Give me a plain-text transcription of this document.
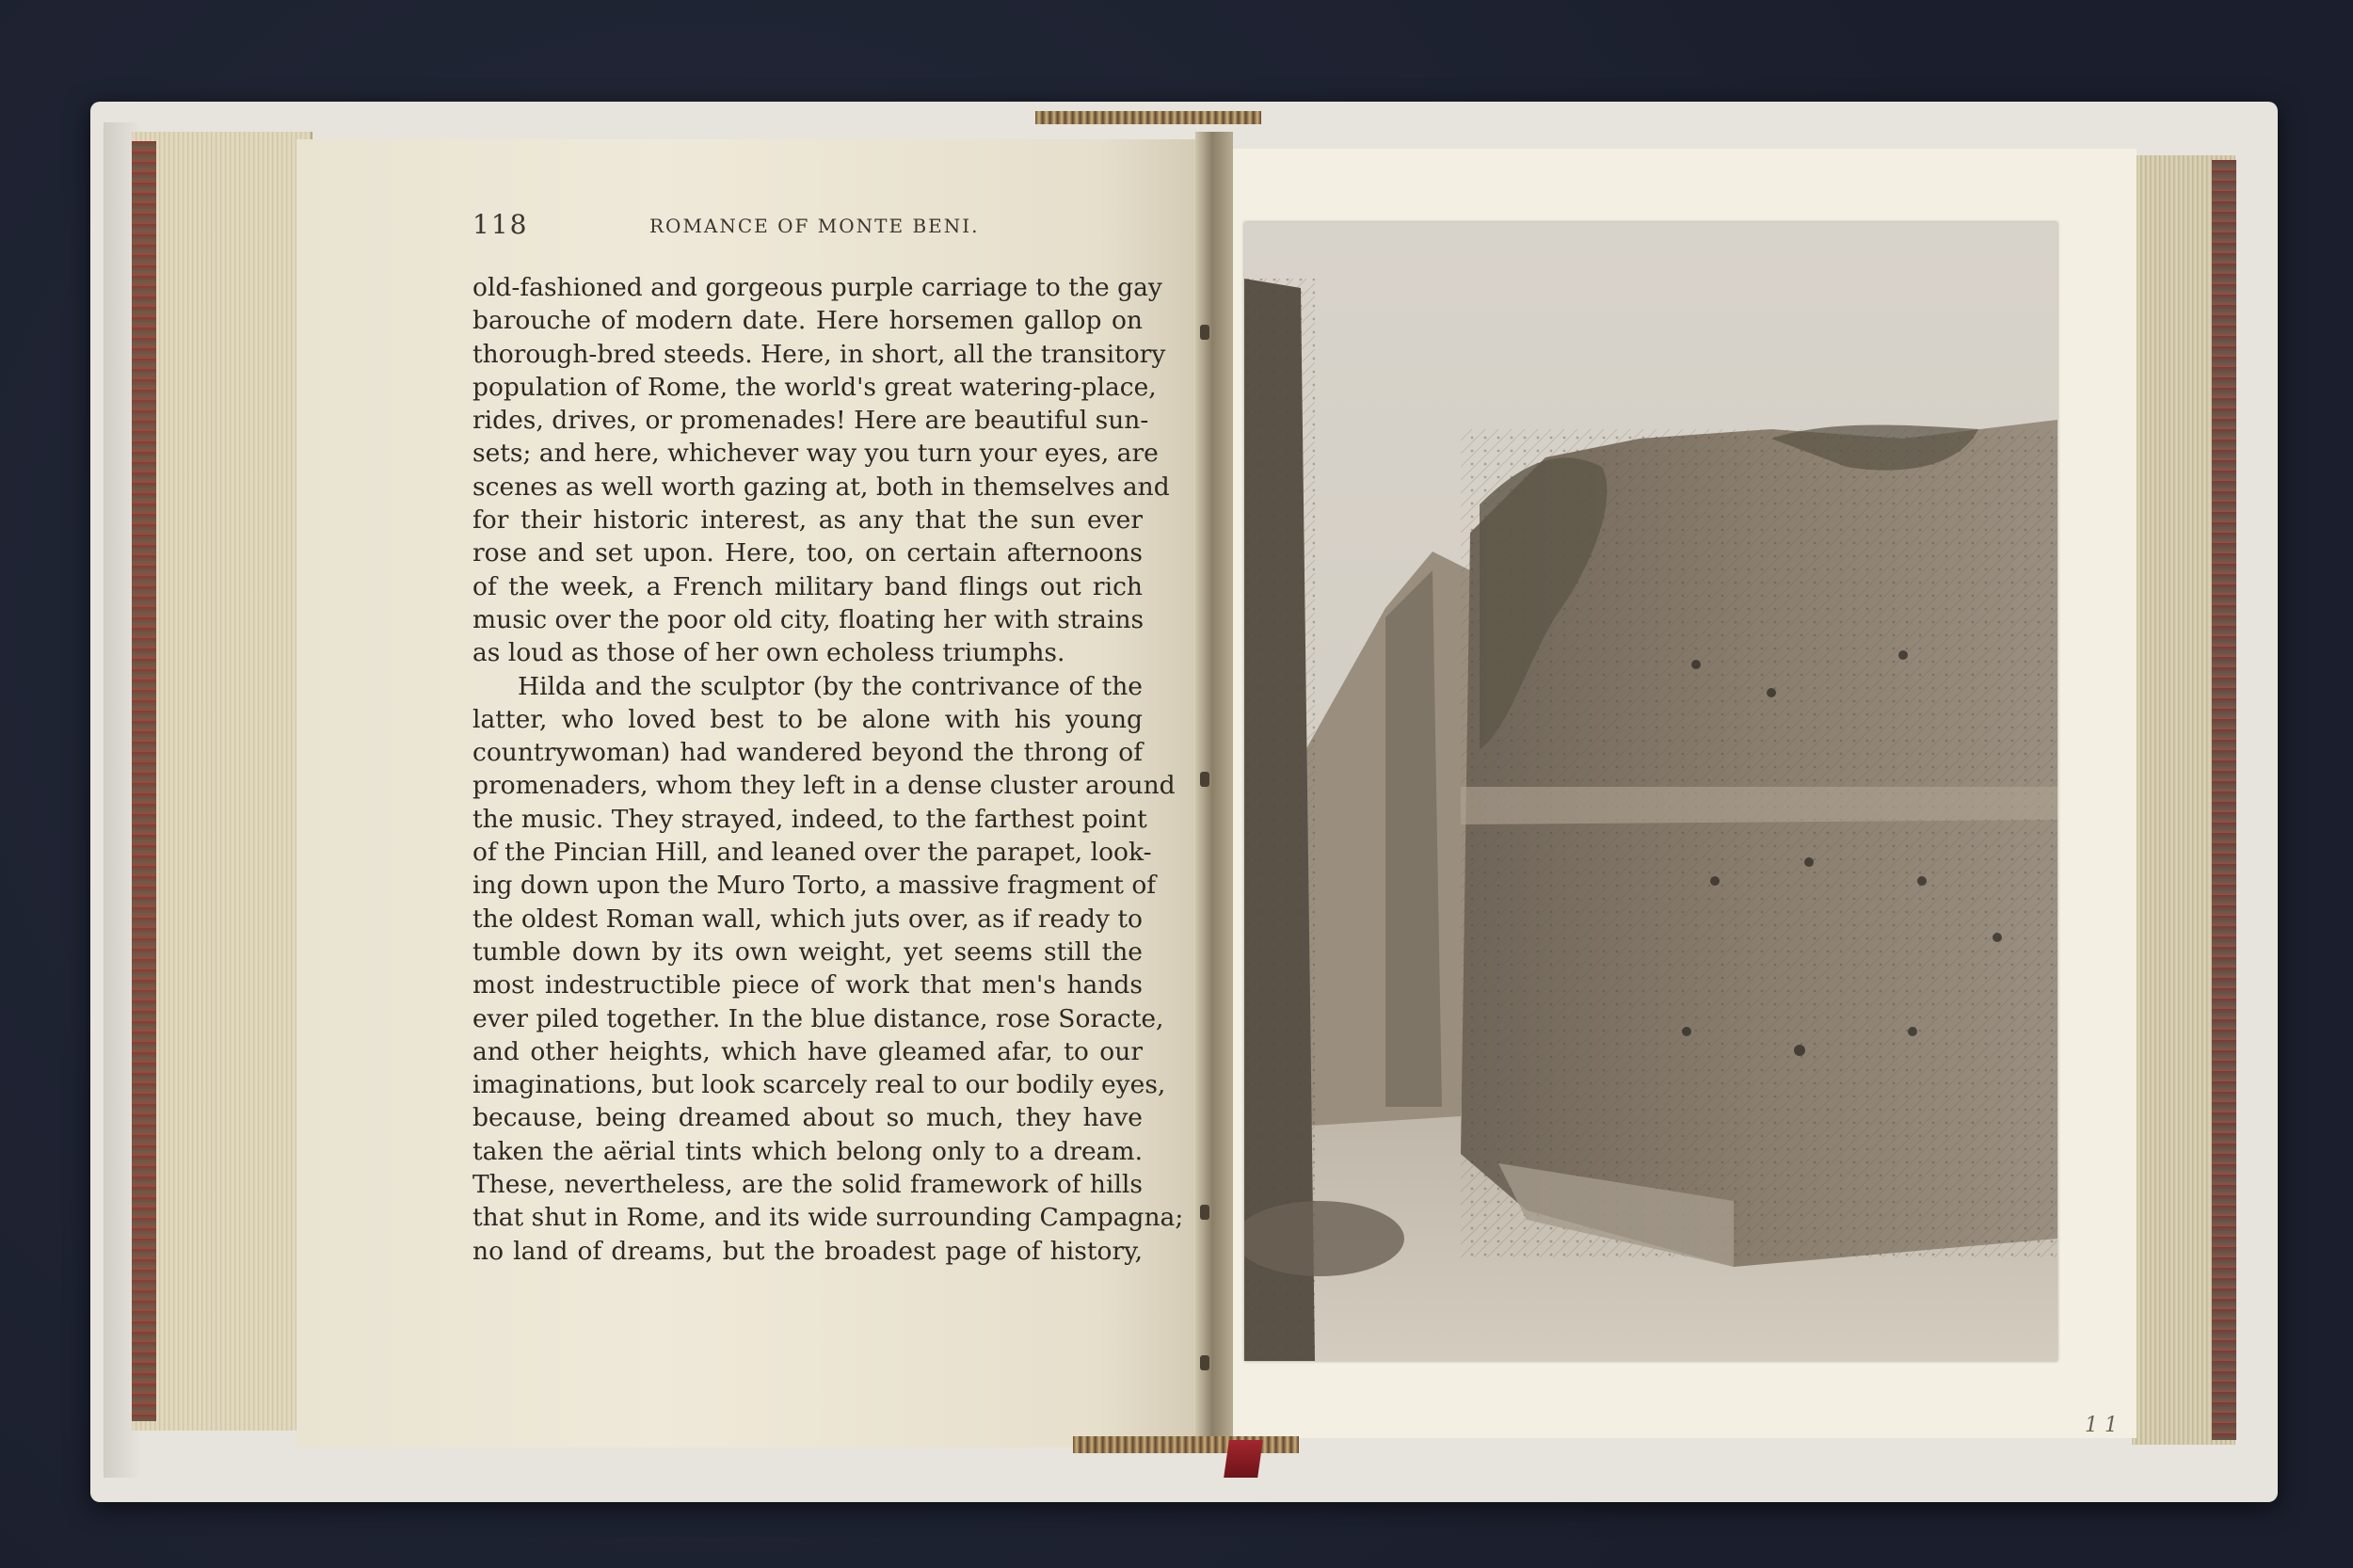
118	ROMANCE OF MONTE BENI.
old-fashioned and gorgeous purple carriage to the gay
barouche of modern date. Here horsemen gallop on
thorough-bred steeds. Here, in short, all the transitory
population of Rome, the world's great watering-place,
rides, drives, or promenades! Here are beautiful sun-
sets; and here, whichever way you turn your eyes, are
scenes as well worth gazing at, both in themselves and
for their historic interest, as any that the sun ever
rose and set upon. Here, too, on certain afternoons
of the week, a French military band flings out rich
music over the poor old city, floating her with strains
as loud as those of her own echoless triumphs.
Hilda and the sculptor (by the contrivance of the
latter, who loved best to be alone with his young
countrywoman) had wandered beyond the throng of
promenaders, whom they left in a dense cluster around
the music. They strayed, indeed, to the farthest point
of the Pincian Hill, and leaned over the parapet, look-
ing down upon the Muro Torto, a massive fragment of
the oldest Roman wall, which juts over, as if ready to
tumble down by its own weight, yet seems still the
most indestructible piece of work that men's hands
ever piled together. In the blue distance, rose Soracte,
and other heights, which have gleamed afar, to our
imaginations, but look scarcely real to our bodily eyes,
because, being dreamed about so much, they have
taken the aërial tints which belong only to a dream.
These, nevertheless, are the solid framework of hills
that shut in Rome, and its wide surrounding Campagna;
no land of dreams, but the broadest page of history,
1 1
